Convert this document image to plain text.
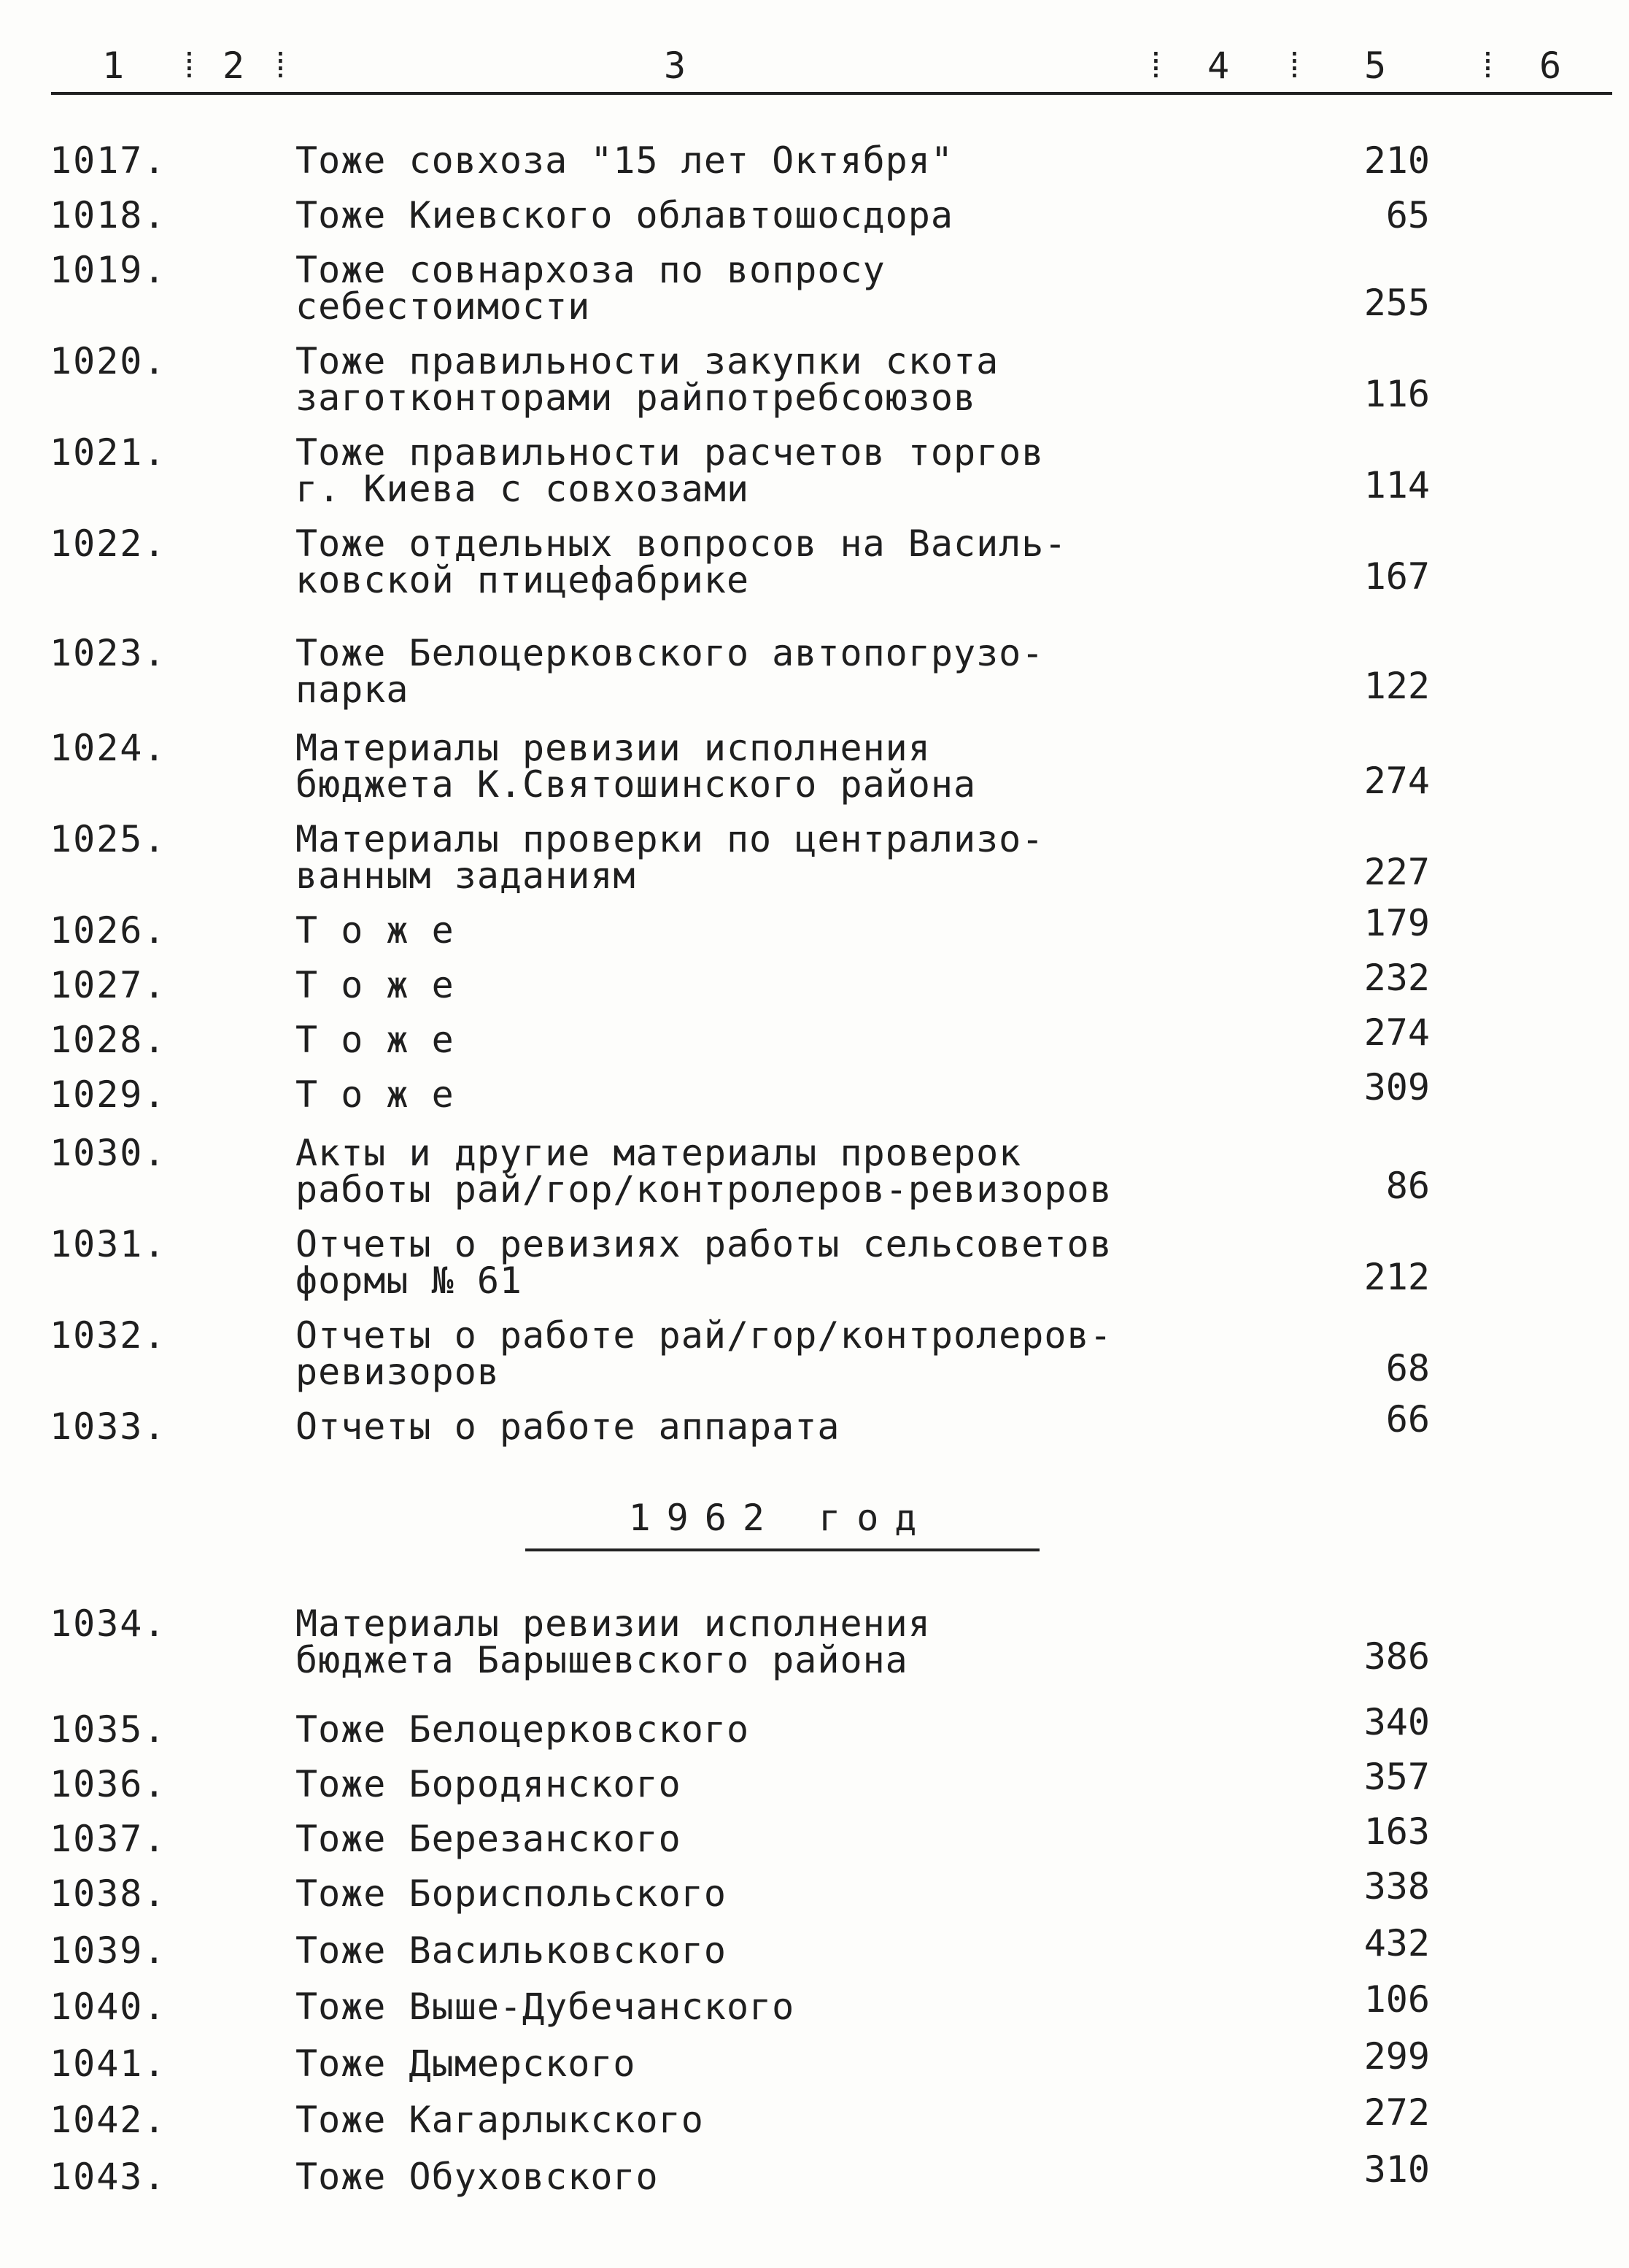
1 ⁞ 2 ⁞	3	⁞ 4 ⁞ 5	⁞ 6
1017.	Тоже совхоза "15 лет Октября"	210
1018.	Тоже Киевского облавтошосдора	65
1019.	Тоже совнархоза по вопросу
себестоимости	255
1020.	Тоже правильности закупки скота
заготконторами райпотребсоюзов	116
1021.	Тоже правильности расчетов торгов
г. Киева с совхозами	114
1022.	Тоже отдельных вопросов на Василь-
ковской птицефабрике	167
1023.	Тоже Белоцерковского автопогрузо-
парка	122
1024.	Материалы ревизии исполнения
бюджета К.Святошинского района	274
1025.	Материалы проверки по централизо-
ванным заданиям	227
1026.	Т о ж е	179
1027.	Т о ж е	232
1028.	Т о ж е	274
1029.	Т о ж е	309
1030.	Акты и другие материалы проверок
работы рай/гор/контролеров-ревизоров	86
1031.	Отчеты о ревизиях работы сельсоветов
формы № 61	212
1032.	Отчеты о работе рай/гор/контролеров-
ревизоров	68
1033.	Отчеты о работе аппарата	66
1962 год
1034.	Материалы ревизии исполнения
бюджета Барышевского района	386
1035.	Тоже Белоцерковского	340
1036.	Тоже Бородянского	357
1037.	Тоже Березанского	163
1038.	Тоже Бориспольского	338
1039.	Тоже Васильковского	432
1040.	Тоже Выше-Дубечанского	106
1041.	Тоже Дымерского	299
1042.	Тоже Кагарлыкского	272
1043.	Тоже Обуховского	310
